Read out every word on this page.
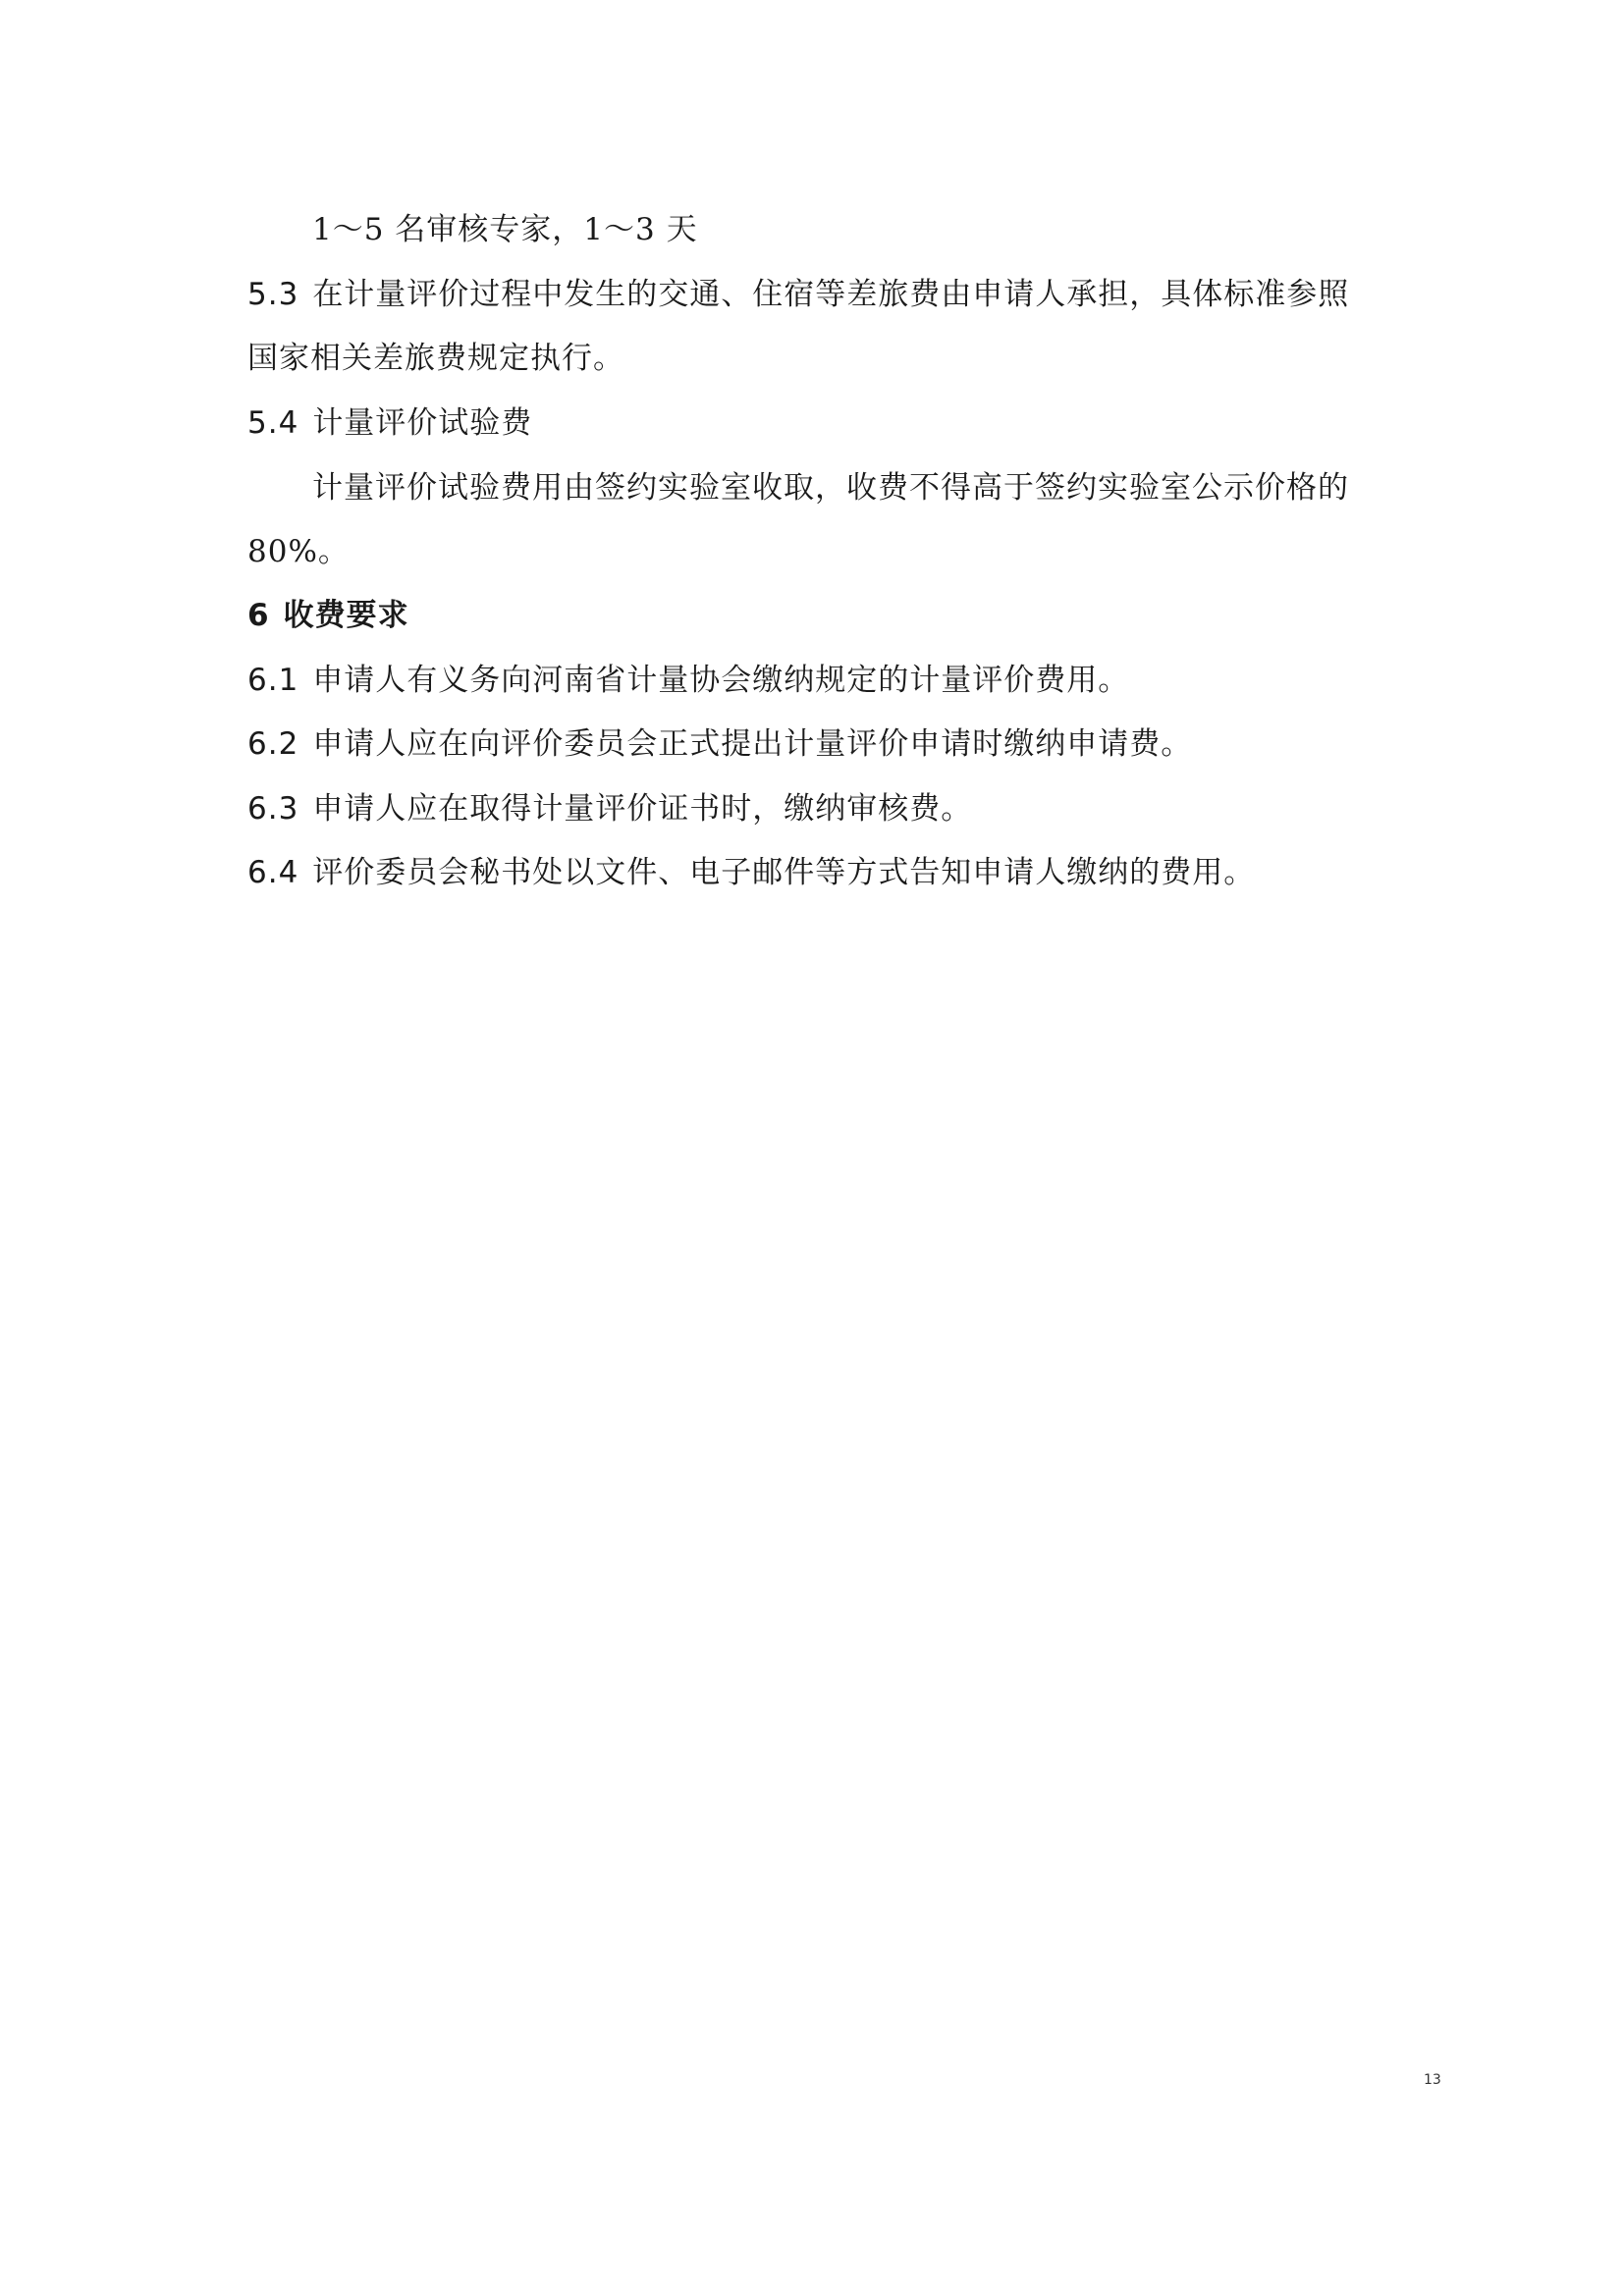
1～5 名审核专家，1～3 天
5.3 在计量评价过程中发生的交通、住宿等差旅费由申请人承担，具体标准参照
国家相关差旅费规定执行。
5.4 计量评价试验费
计量评价试验费用由签约实验室收取，收费不得高于签约实验室公示价格的
80%。
6 收费要求
6.1 申请人有义务向河南省计量协会缴纳规定的计量评价费用。
6.2 申请人应在向评价委员会正式提出计量评价申请时缴纳申请费。
6.3 申请人应在取得计量评价证书时，缴纳审核费。
6.4 评价委员会秘书处以文件、电子邮件等方式告知申请人缴纳的费用。
13
